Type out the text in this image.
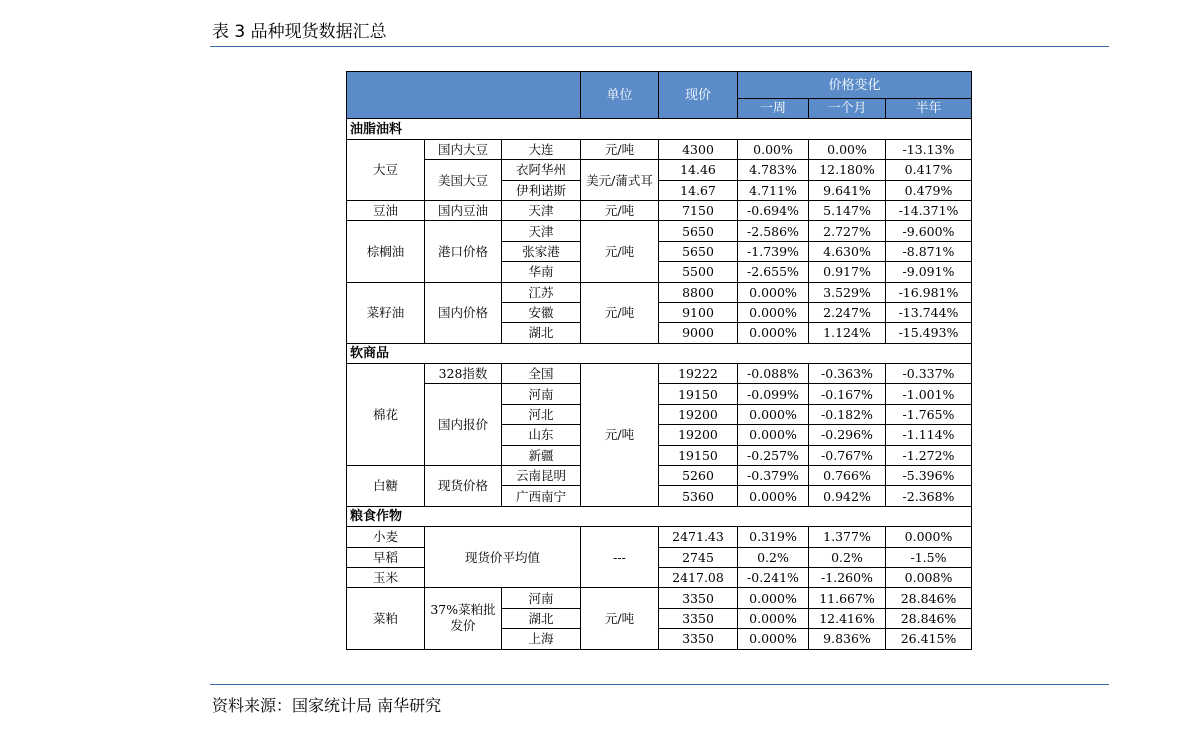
表 3 品种现货数据汇总
			单位	现价	价格变化		
					一周	一个月	半年
油脂油料							
大豆	国内大豆	大连	元/吨	4300	0.00%	0.00%	-13.13%
	美国大豆	衣阿华州	美元/蒲式耳	14.46	4.783%	12.180%	0.417%
		伊利诺斯		14.67	4.711%	9.641%	0.479%
豆油	国内豆油	天津	元/吨	7150	-0.694%	5.147%	-14.371%
棕榈油	港口价格	天津	元/吨	5650	-2.586%	2.727%	-9.600%
		张家港		5650	-1.739%	4.630%	-8.871%
		华南		5500	-2.655%	0.917%	-9.091%
菜籽油	国内价格	江苏	元/吨	8800	0.000%	3.529%	-16.981%
		安徽		9100	0.000%	2.247%	-13.744%
		湖北		9000	0.000%	1.124%	-15.493%
软商品							
棉花	328指数	全国	元/吨	19222	-0.088%	-0.363%	-0.337%
	国内报价	河南		19150	-0.099%	-0.167%	-1.001%
		河北		19200	0.000%	-0.182%	-1.765%
		山东		19200	0.000%	-0.296%	-1.114%
		新疆		19150	-0.257%	-0.767%	-1.272%
白糖	现货价格	云南昆明		5260	-0.379%	0.766%	-5.396%
		广西南宁		5360	0.000%	0.942%	-2.368%
粮食作物							
小麦	现货价平均值		---	2471.43	0.319%	1.377%	0.000%
早稻				2745	0.2%	0.2%	-1.5%
玉米				2417.08	-0.241%	-1.260%	0.008%
菜粕	37%菜粕批发价	河南	元/吨	3350	0.000%	11.667%	28.846%
		湖北		3350	0.000%	12.416%	28.846%
		上海		3350	0.000%	9.836%	26.415%
资料来源：国家统计局 南华研究
